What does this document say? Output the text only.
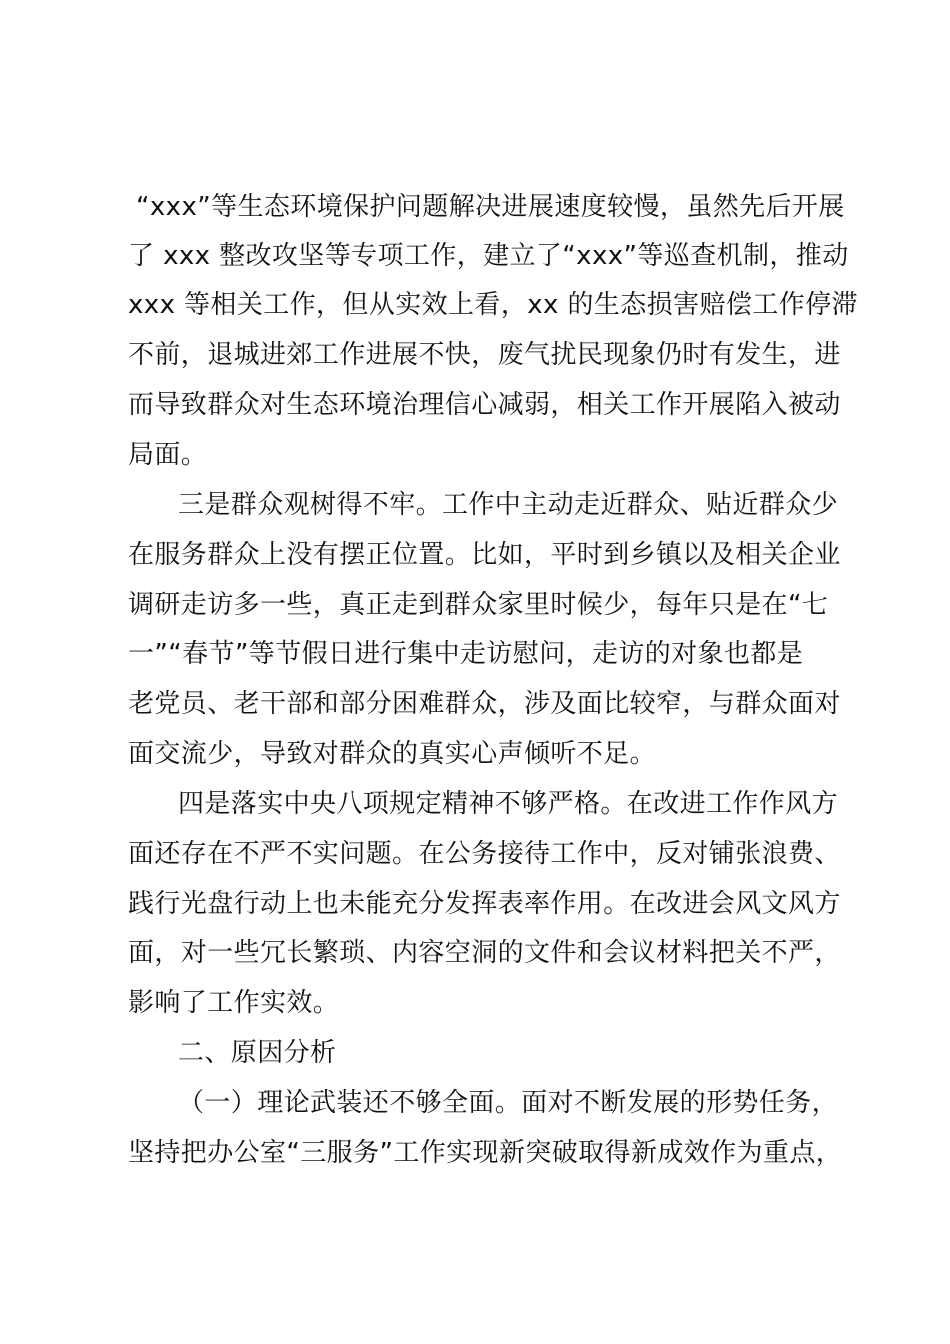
“xxx”等生态环境保护问题解决进展速度较慢，虽然先后开展
了 xxx 整改攻坚等专项工作，建立了“xxx”等巡查机制，推动
xxx 等相关工作，但从实效上看，xx 的生态损害赔偿工作停滞
不前，退城进郊工作进展不快，废气扰民现象仍时有发生，进
而导致群众对生态环境治理信心减弱，相关工作开展陷入被动
局面。
三是群众观树得不牢。工作中主动走近群众、贴近群众少
在服务群众上没有摆正位置。比如，平时到乡镇以及相关企业
调研走访多一些，真正走到群众家里时候少，每年只是在“七
一”“春节”等节假日进行集中走访慰问，走访的对象也都是
老党员、老干部和部分困难群众，涉及面比较窄，与群众面对
面交流少，导致对群众的真实心声倾听不足。
四是落实中央八项规定精神不够严格。在改进工作作风方
面还存在不严不实问题。在公务接待工作中，反对铺张浪费、
践行光盘行动上也未能充分发挥表率作用。在改进会风文风方
面，对一些冗长繁琐、内容空洞的文件和会议材料把关不严，
影响了工作实效。
二、原因分析
（一）理论武装还不够全面。面对不断发展的形势任务，
坚持把办公室“三服务”工作实现新突破取得新成效作为重点，
